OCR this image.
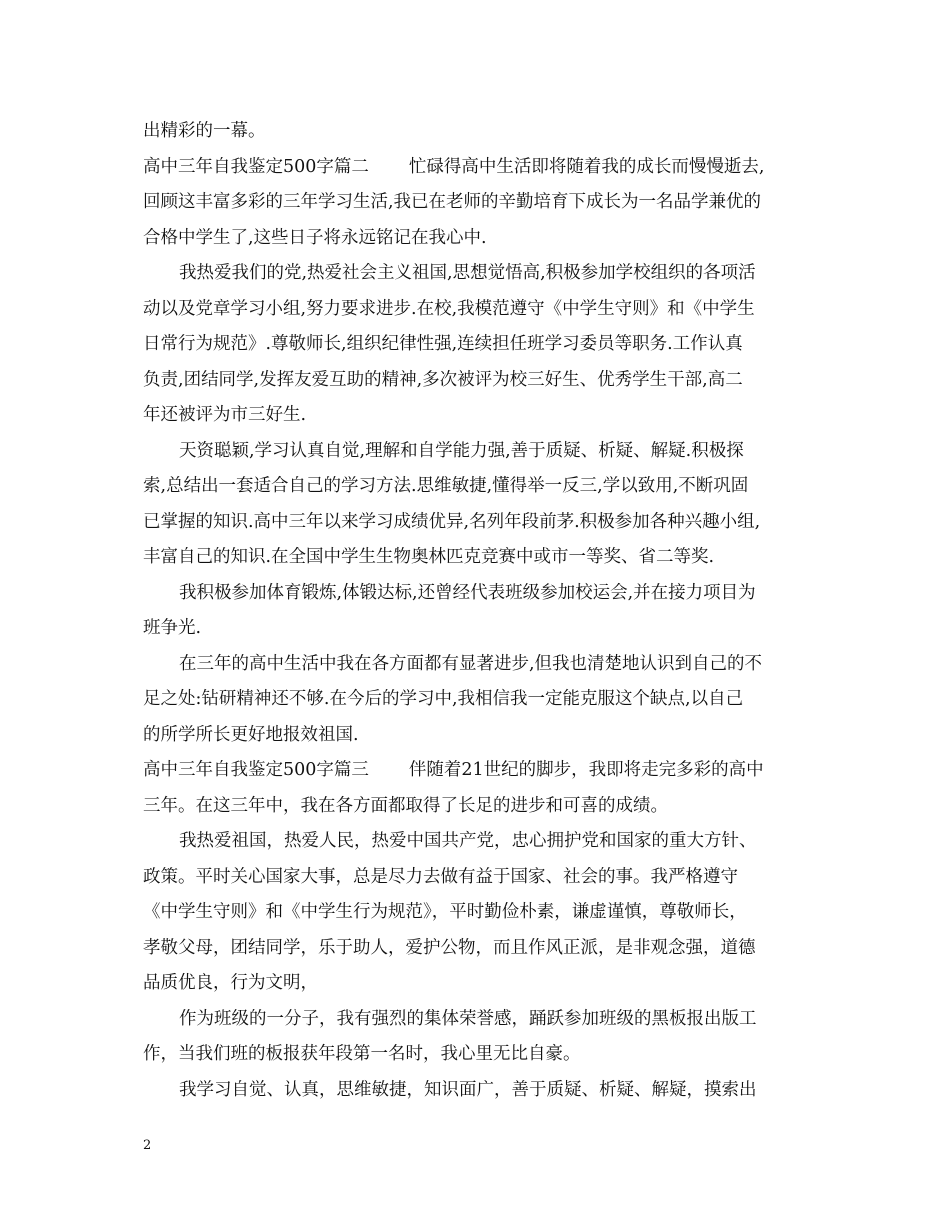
出精彩的一幕。
高中三年自我鉴定500字篇二 忙碌得高中生活即将随着我的成长而慢慢逝去,
回顾这丰富多彩的三年学习生活,我已在老师的辛勤培育下成长为一名品学兼优的
合格中学生了,这些日子将永远铭记在我心中.
我热爱我们的党,热爱社会主义祖国,思想觉悟高,积极参加学校组织的各项活
动以及党章学习小组,努力要求进步.在校,我模范遵守《中学生守则》和《中学生
日常行为规范》.尊敬师长,组织纪律性强,连续担任班学习委员等职务.工作认真
负责,团结同学,发挥友爱互助的精神,多次被评为校三好生、优秀学生干部,高二
年还被评为市三好生.
天资聪颖,学习认真自觉,理解和自学能力强,善于质疑、析疑、解疑.积极探
索,总结出一套适合自己的学习方法.思维敏捷,懂得举一反三,学以致用,不断巩固
已掌握的知识.高中三年以来学习成绩优异,名列年段前茅.积极参加各种兴趣小组,
丰富自己的知识.在全国中学生生物奥林匹克竞赛中或市一等奖、省二等奖.
我积极参加体育锻炼,体锻达标,还曾经代表班级参加校运会,并在接力项目为
班争光.
在三年的高中生活中我在各方面都有显著进步,但我也清楚地认识到自己的不
足之处:钻研精神还不够.在今后的学习中,我相信我一定能克服这个缺点,以自己
的所学所长更好地报效祖国.
高中三年自我鉴定500字篇三 伴随着21世纪的脚步，我即将走完多彩的高中
三年。在这三年中，我在各方面都取得了长足的进步和可喜的成绩。
我热爱祖国，热爱人民，热爱中国共产党，忠心拥护党和国家的重大方针、
政策。平时关心国家大事，总是尽力去做有益于国家、社会的事。我严格遵守
《中学生守则》和《中学生行为规范》，平时勤俭朴素，谦虚谨慎，尊敬师长，
孝敬父母，团结同学，乐于助人，爱护公物，而且作风正派，是非观念强，道德
品质优良，行为文明，
作为班级的一分子，我有强烈的集体荣誉感，踊跃参加班级的黑板报出版工
作，当我们班的板报获年段第一名时，我心里无比自豪。
我学习自觉、认真，思维敏捷，知识面广，善于质疑、析疑、解疑，摸索出
2
